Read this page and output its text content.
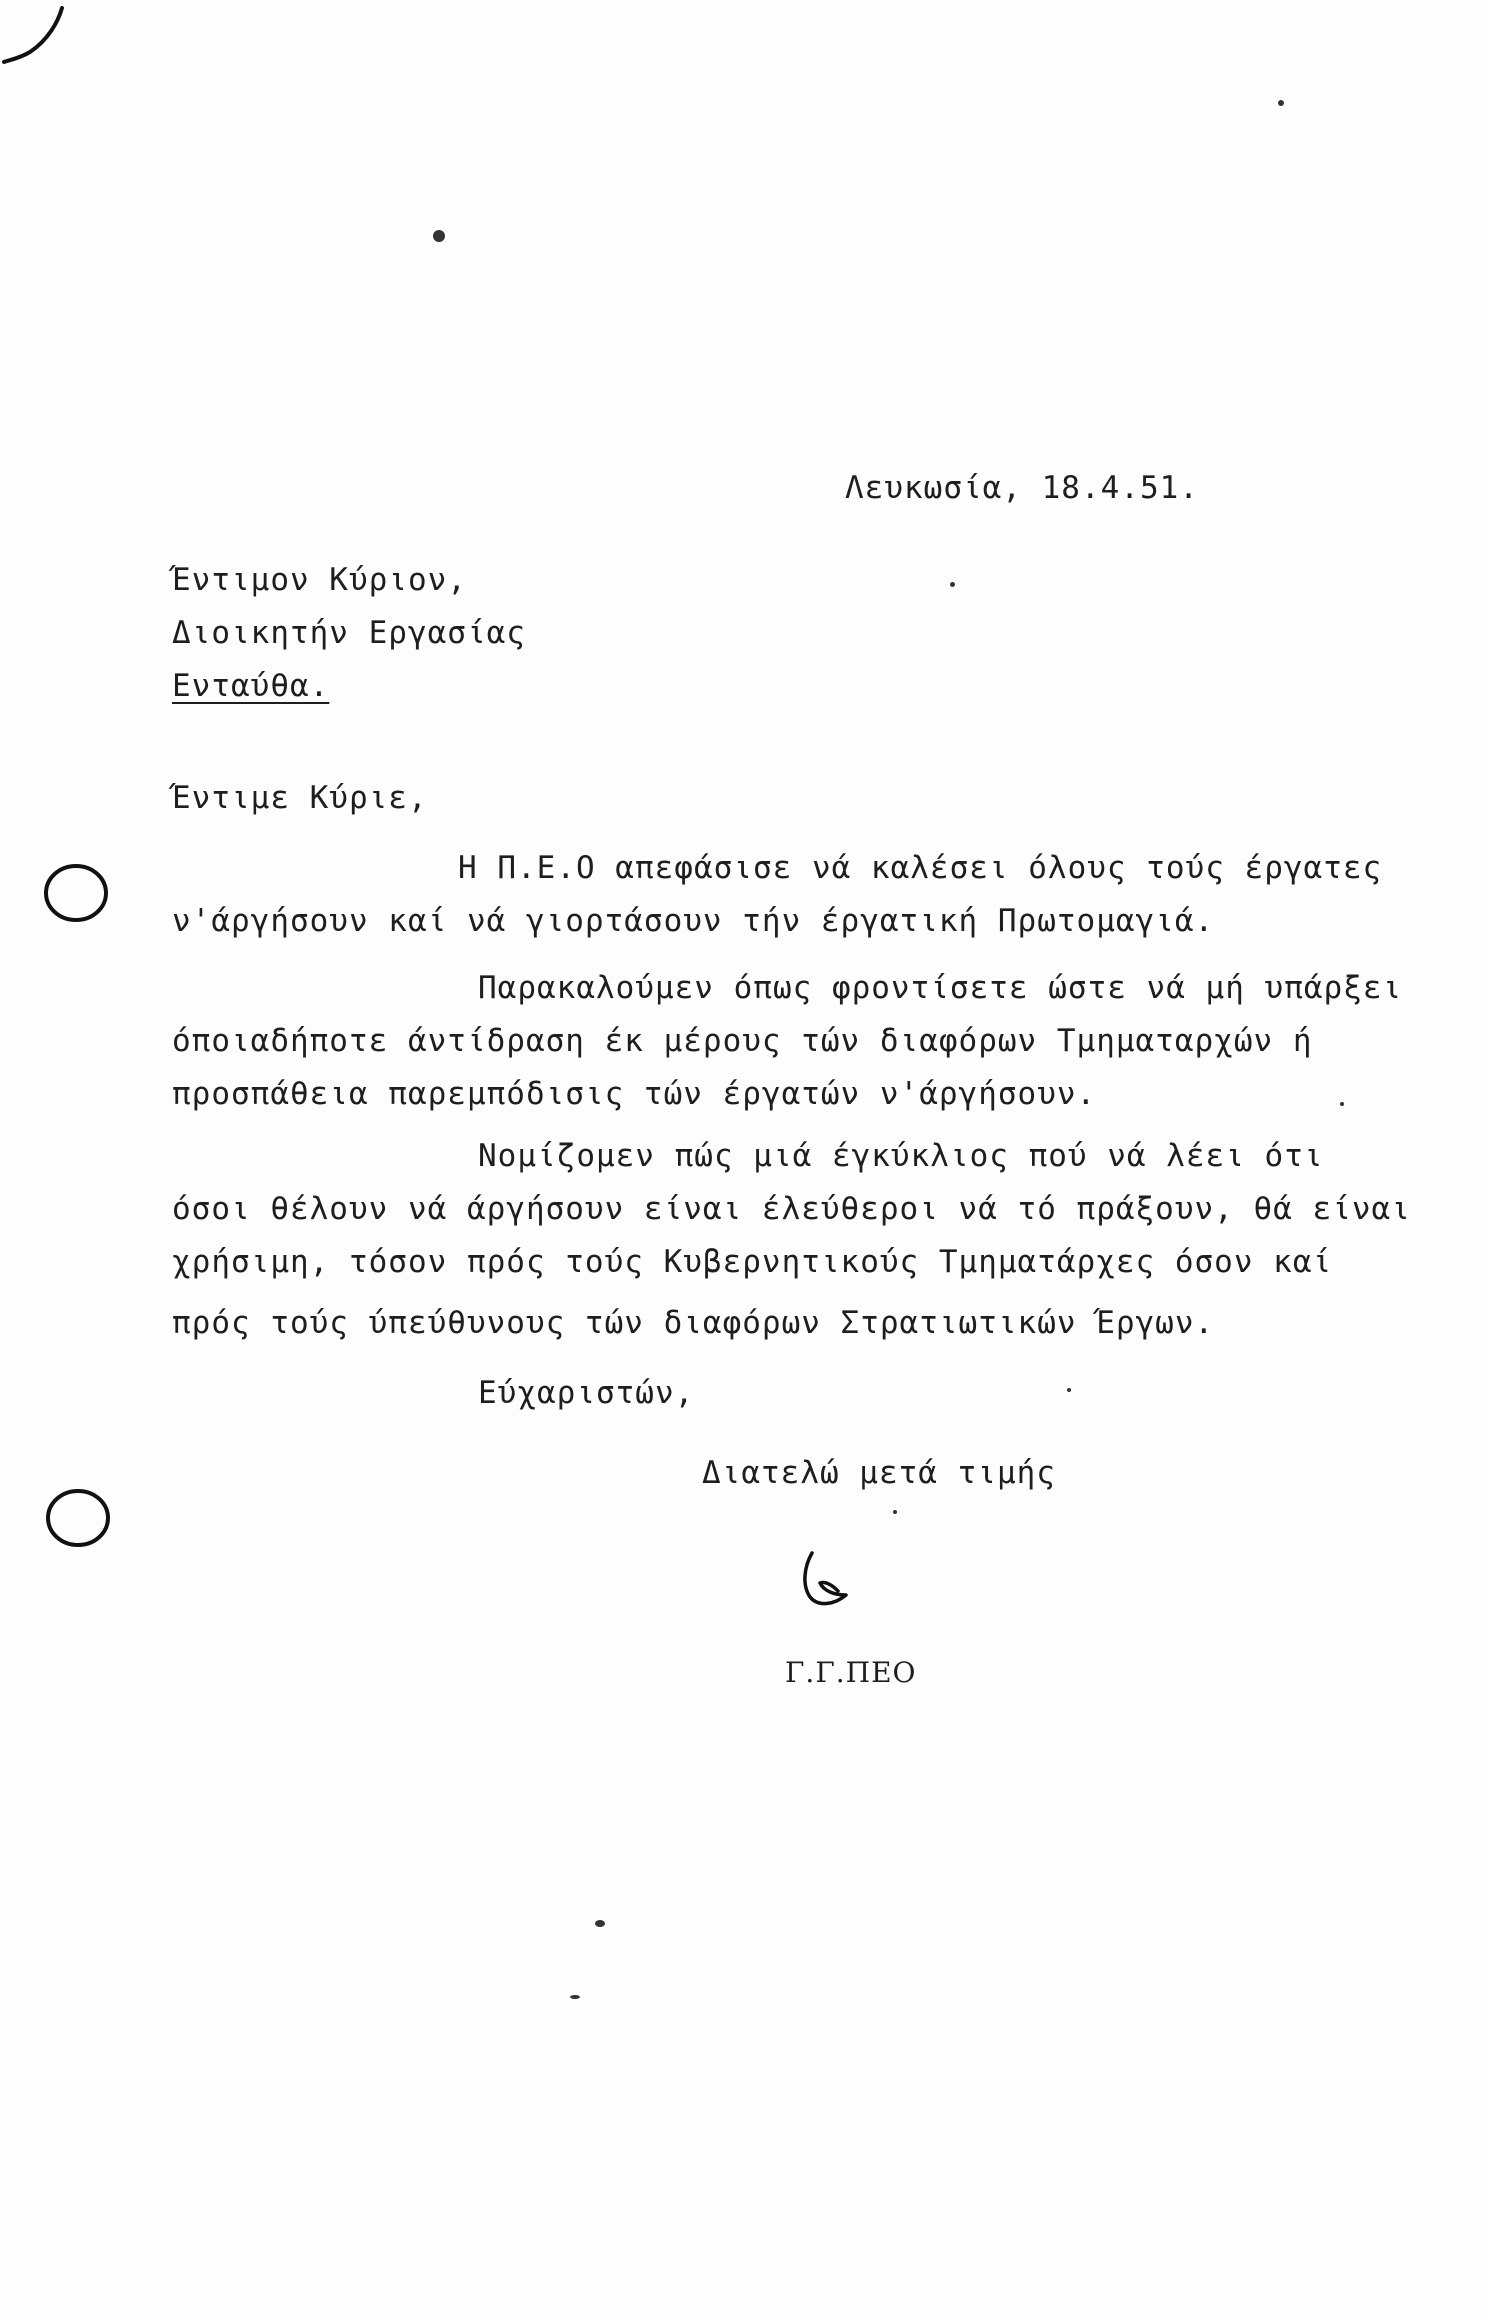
Λευκωσία, 18.4.51.
Έντιμον Κύριον,
Διοικητήν Εργασίας
Ενταύθα.
Έντιμε Κύριε,
Η Π.Ε.Ο απεφάσισε νά καλέσει όλους τούς έργατες
ν'άργήσουν καί νά γιορτάσουν τήν έργατική Πρωτομαγιά.
Παρακαλούμεν όπως φροντίσετε ώστε νά μή υπάρξει
όποιαδήποτε άντίδραση έκ μέρους τών διαφόρων Τμηματαρχών ή
προσπάθεια παρεμπόδισις τών έργατών ν'άργήσουν.
Νομίζομεν πώς μιά έγκύκλιος πού νά λέει ότι
όσοι θέλουν νά άργήσουν είναι έλεύθεροι νά τό πράξουν, θά είναι
χρήσιμη, τόσον πρός τούς Κυβερνητικούς Τμηματάρχες όσον καί
πρός τούς ύπεύθυνους τών διαφόρων Στρατιωτικών Έργων.
Εύχαριστών,
Διατελώ μετά τιμής
Γ.Γ.ΠΕΟ
